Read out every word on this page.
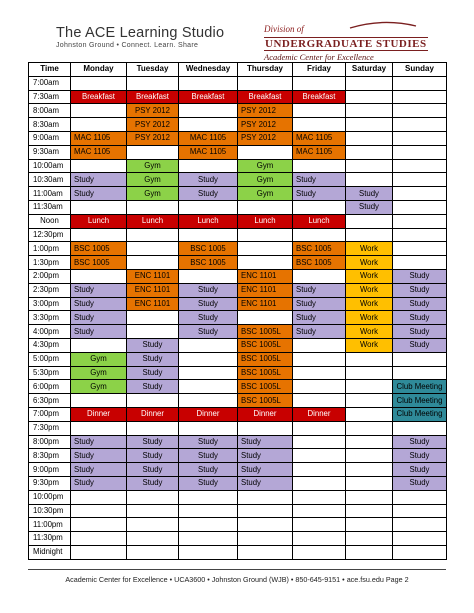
The ACE Learning Studio
Johnston Ground • Connect. Learn. Share
Division of
UNDERGRADUATE STUDIES
Academic Center for Excellence
Time	Monday	Tuesday	Wednesday	Thursday	Friday	Saturday	Sunday
7:00am							
7:30am	Breakfast	Breakfast	Breakfast	Breakfast	Breakfast		
8:00am		PSY 2012		PSY 2012			
8:30am		PSY 2012		PSY 2012			
9:00am	MAC 1105	PSY 2012	MAC 1105	PSY 2012	MAC 1105		
9:30am	MAC 1105		MAC 1105		MAC 1105		
10:00am		Gym		Gym			
10:30am	Study	Gym	Study	Gym	Study		
11:00am	Study	Gym	Study	Gym	Study	Study	
11:30am						Study	
Noon	Lunch	Lunch	Lunch	Lunch	Lunch		
12:30pm							
1:00pm	BSC 1005		BSC 1005		BSC 1005	Work	
1:30pm	BSC 1005		BSC 1005		BSC 1005	Work	
2:00pm		ENC 1101		ENC 1101		Work	Study
2:30pm	Study	ENC 1101	Study	ENC 1101	Study	Work	Study
3:00pm	Study	ENC 1101	Study	ENC 1101	Study	Work	Study
3:30pm	Study		Study		Study	Work	Study
4:00pm	Study		Study	BSC 1005L	Study	Work	Study
4:30pm		Study		BSC 1005L		Work	Study
5:00pm	Gym	Study		BSC 1005L			
5:30pm	Gym	Study		BSC 1005L			
6:00pm	Gym	Study		BSC 1005L			Club Meeting
6:30pm				BSC 1005L			Club Meeting
7:00pm	Dinner	Dinner	Dinner	Dinner	Dinner		Club Meeting
7:30pm							
8:00pm	Study	Study	Study	Study			Study
8:30pm	Study	Study	Study	Study			Study
9:00pm	Study	Study	Study	Study			Study
9:30pm	Study	Study	Study	Study			Study
10:00pm							
10:30pm							
11:00pm							
11:30pm							
Midnight							
Academic Center for Excellence • UCA3600 • Johnston Ground (WJB) • 850-645-9151 • ace.fsu.edu Page 2
